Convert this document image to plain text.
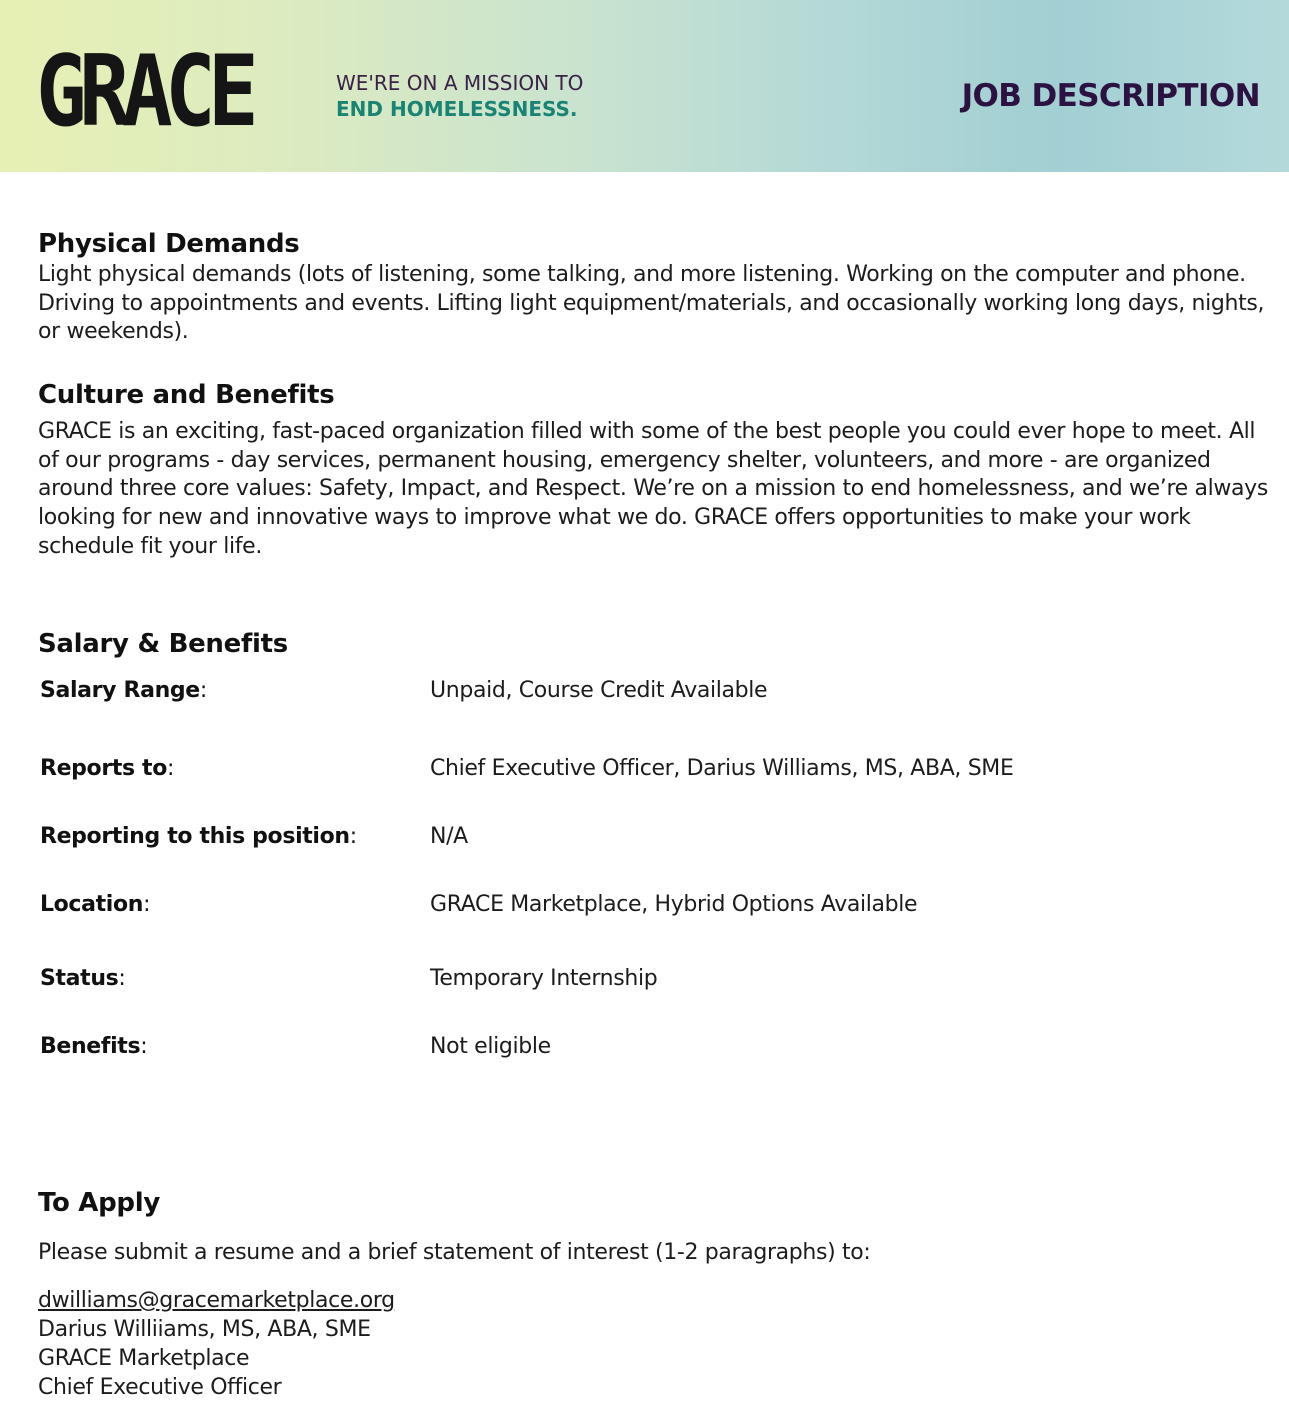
GRACE	WE'RE ON A MISSION TO
END HOMELESSNESS.	JOB DESCRIPTION
Physical Demands
Light physical demands (lots of listening, some talking, and more listening. Working on the computer and phone. Driving to appointments and events. Lifting light equipment/materials, and occasionally working long days, nights, or weekends).
Culture and Benefits
GRACE is an exciting, fast-paced organization filled with some of the best people you could ever hope to meet. All of our programs - day services, permanent housing, emergency shelter, volunteers, and more - are organized around three core values: Safety, Impact, and Respect. We’re on a mission to end homelessness, and we’re always looking for new and innovative ways to improve what we do. GRACE offers opportunities to make your work schedule fit your life.
Salary & Benefits
Salary Range:	Unpaid, Course Credit Available
Reports to:	Chief Executive Officer, Darius Williams, MS, ABA, SME
Reporting to this position:	N/A
Location:	GRACE Marketplace, Hybrid Options Available
Status:	Temporary Internship
Benefits:	Not eligible
To Apply
Please submit a resume and a brief statement of interest (1-2 paragraphs) to:
dwilliams@gracemarketplace.org
Darius Williiams, MS, ABA, SME
GRACE Marketplace
Chief Executive Officer
